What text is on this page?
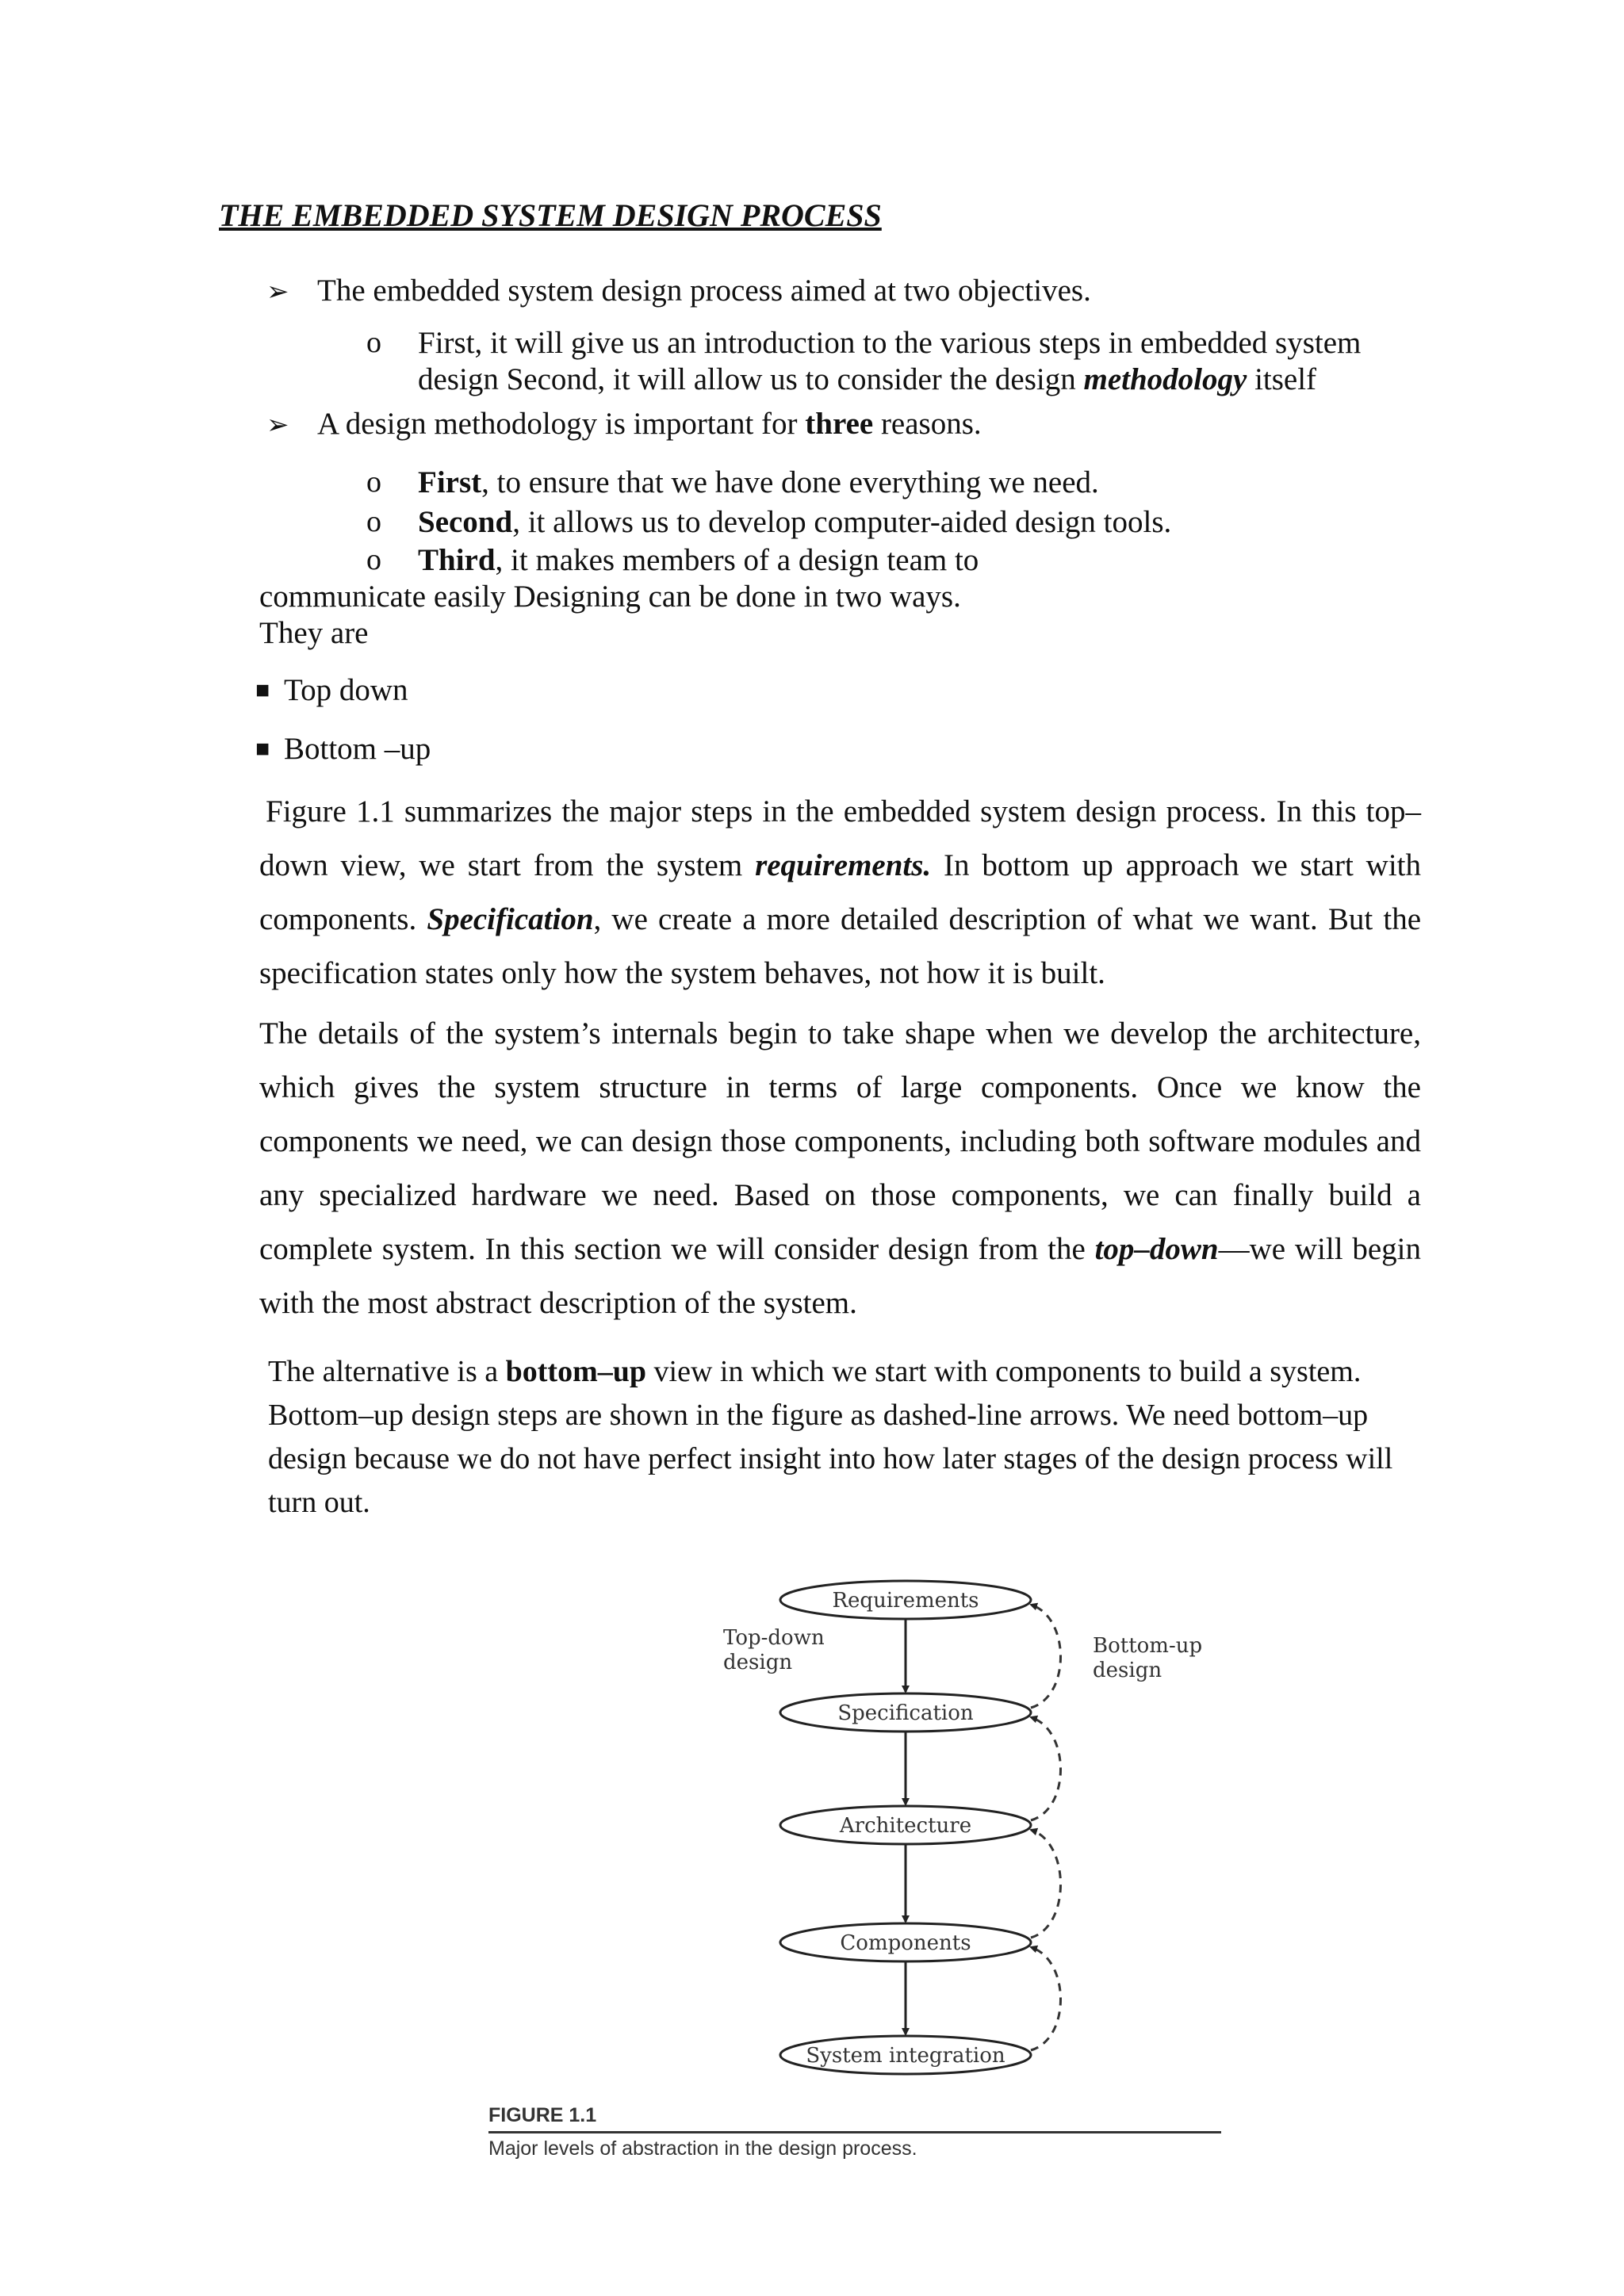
THE EMBEDDED SYSTEM DESIGN PROCESS
➢ The embedded system design process aimed at two objectives.
o First, it will give us an introduction to the various steps in embedded system
design Second, it will allow us to consider the design methodology itself
➢ A design methodology is important for three reasons.
o First, to ensure that we have done everything we need.
o Second, it allows us to develop computer-aided design tools.
o Third, it makes members of a design team to
communicate easily Designing can be done in two ways.
They are
■ Top down
■ Bottom –up
Figure 1.1 summarizes the major steps in the embedded system design process. In this top–down view, we start from the system requirements. In bottom up approach we start with components. Specification, we create a more detailed description of what we want. But the specification states only how the system behaves, not how it is built.
The details of the system’s internals begin to take shape when we develop the architecture, which gives the system structure in terms of large components. Once we know the components we need, we can design those components, including both software modules and any specialized hardware we need. Based on those components, we can finally build a complete system. In this section we will consider design from the top–down—we will begin with the most abstract description of the system.
The alternative is a bottom–up view in which we start with components to build a system. Bottom–up design steps are shown in the figure as dashed-line arrows. We need bottom–up design because we do not have perfect insight into how later stages of the design process will turn out.
Requirements
Specification
Architecture
Components
System integration
Top-down
design
Bottom-up
design
FIGURE 1.1
Major levels of abstraction in the design process.
